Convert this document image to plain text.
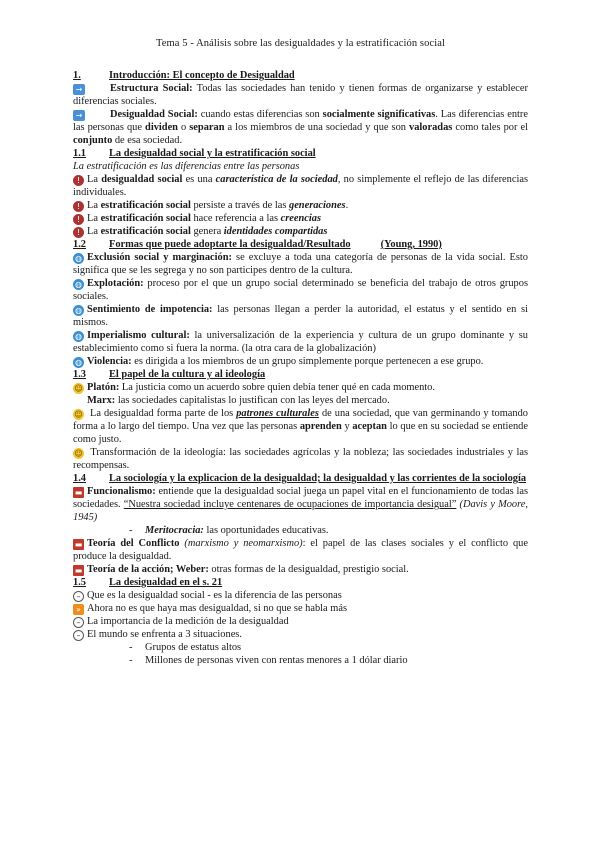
Tema 5 - Análisis sobre las desigualdades y la estratificación social
1.	Introducción: El concepto de Desigualdad

→	Estructura Social: Todas las sociedades han tenido y tienen formas de organizarse y establecer diferencias sociales.

→	Desigualdad Social: cuando estas diferencias son socialmente significativas. Las diferencias entre las personas que dividen o separan a los miembros de una sociedad y que son valoradas como tales por el conjunto de esa sociedad.

1.1	La desigualdad social y la estratificación social

La estratificación es las diferencias entre las personas

! La desigualdad social es una característica de la sociedad, no simplemente el reflejo de las diferencias individuales.

! La estratificación social persiste a través de las generaciones.

! La estratificación social hace referencia a las creencias

! La estratificación social genera identidades compartidas

1.2	Formas que puede adoptarte la desigualdad/Resultado	(Young, 1990)

◍ Exclusión social y marginación: se excluye a toda una categoría de personas de la vida social. Esto significa que se les segrega y no son participes dentro de la cultura.

◍ Explotación: proceso por el que un grupo social determinado se beneficia del trabajo de otros grupos sociales.

◍ Sentimiento de impotencia: las personas llegan a perder la autoridad, el estatus y el sentido en si mismos.

◍ Imperialismo cultural: la universalización de la experiencia y cultura de un grupo dominante y su establecimiento como si fuera la norma. (la otra cara de la globalización)

◍ Violencia: es dirigida a los miembros de un grupo simplemente porque pertenecen a ese grupo.

1.3	El papel de la cultura y al ideología

☺ Platón: La justicia como un acuerdo sobre quien debía tener qué en cada momento.

Marx: las sociedades capitalistas lo justifican con las leyes del mercado.

☺ La desigualdad forma parte de los patrones culturales de una sociedad, que van germinando y tomando forma a lo largo del tiempo. Una vez que las personas aprenden y aceptan lo que en su sociedad se entiende como justo.

☺ Transformación de la ideología: las sociedades agrícolas y la nobleza; las sociedades industriales y las recompensas.

1.4	La sociología y la explicacion de la desigualdad; la desigualdad y las corrientes de la sociología

▬ Funcionalismo: entiende que la desigualdad social juega un papel vital en el funcionamiento de todas las sociedades. “Nuestra sociedad incluye centenares de ocupaciones de importancia desigual” (Davis y Moore, 1945)

- Meritocracia: las oportunidades educativas.

▬ Teoría del Conflicto (marxismo y neomarxismo): el papel de las clases sociales y el conflicto que produce la desigualdad.

▬ Teoría de la acción; Weber: otras formas de la desigualdad, prestigio social.

1.5	La desigualdad en el s. 21

– Que es la desigualdad social - es la diferencia de las personas

» Ahora no es que haya mas desigualdad, si no que se habla más

– La importancia de la medición de la desigualdad

– El mundo se enfrenta a 3 situaciones.

- Grupos de estatus altos

- Millones de personas viven con rentas menores a 1 dólar diario
